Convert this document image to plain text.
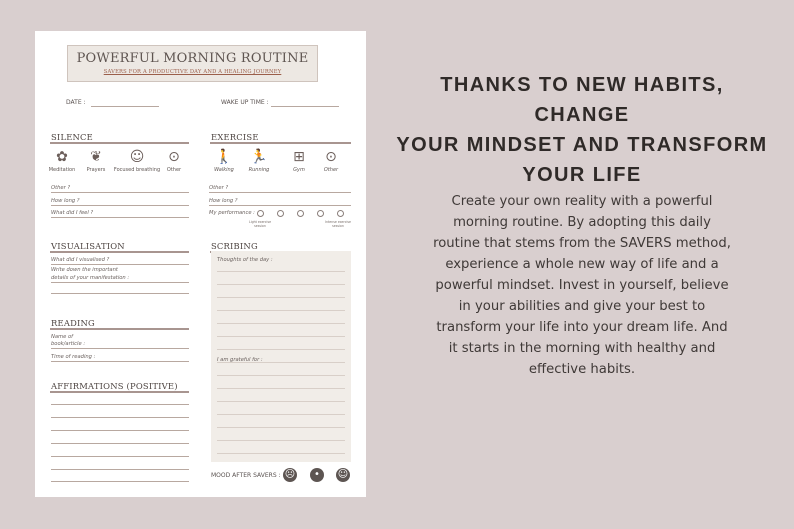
POWERFUL MORNING ROUTINE
SAVERS FOR A PRODUCTIVE DAY AND A HEALING JOURNEY
DATE :	WAKE UP TIME :
SILENCE
✿
Meditation
❦
Prayers
☺
Focused breathing
⊙
Other
Other ?
How long ?
What did I feel ?
EXERCISE
🚶
Walking
🏃
Running
⊞
Gym
⊙
Other
Other ?
How long ?
My performance :
Light exercise session
Intense exercise session
VISUALISATION
What did I visualised ?
Write down the important
details of your manifestation :
READING
Name of
book/article :
Time of reading :
AFFIRMATIONS (POSITIVE)
SCRIBING
Thoughts of the day :
I am grateful for :
MOOD AFTER SAVERS : ☹	•	☺
THANKS TO NEW HABITS, CHANGE
YOUR MINDSET AND TRANSFORM
YOUR LIFE
Create your own reality with a powerful morning routine. By adopting this daily routine that stems from the SAVERS method, experience a whole new way of life and a powerful mindset. Invest in yourself, believe in your abilities and give your best to transform your life into your dream life. And it starts in the morning with healthy and effective habits.
